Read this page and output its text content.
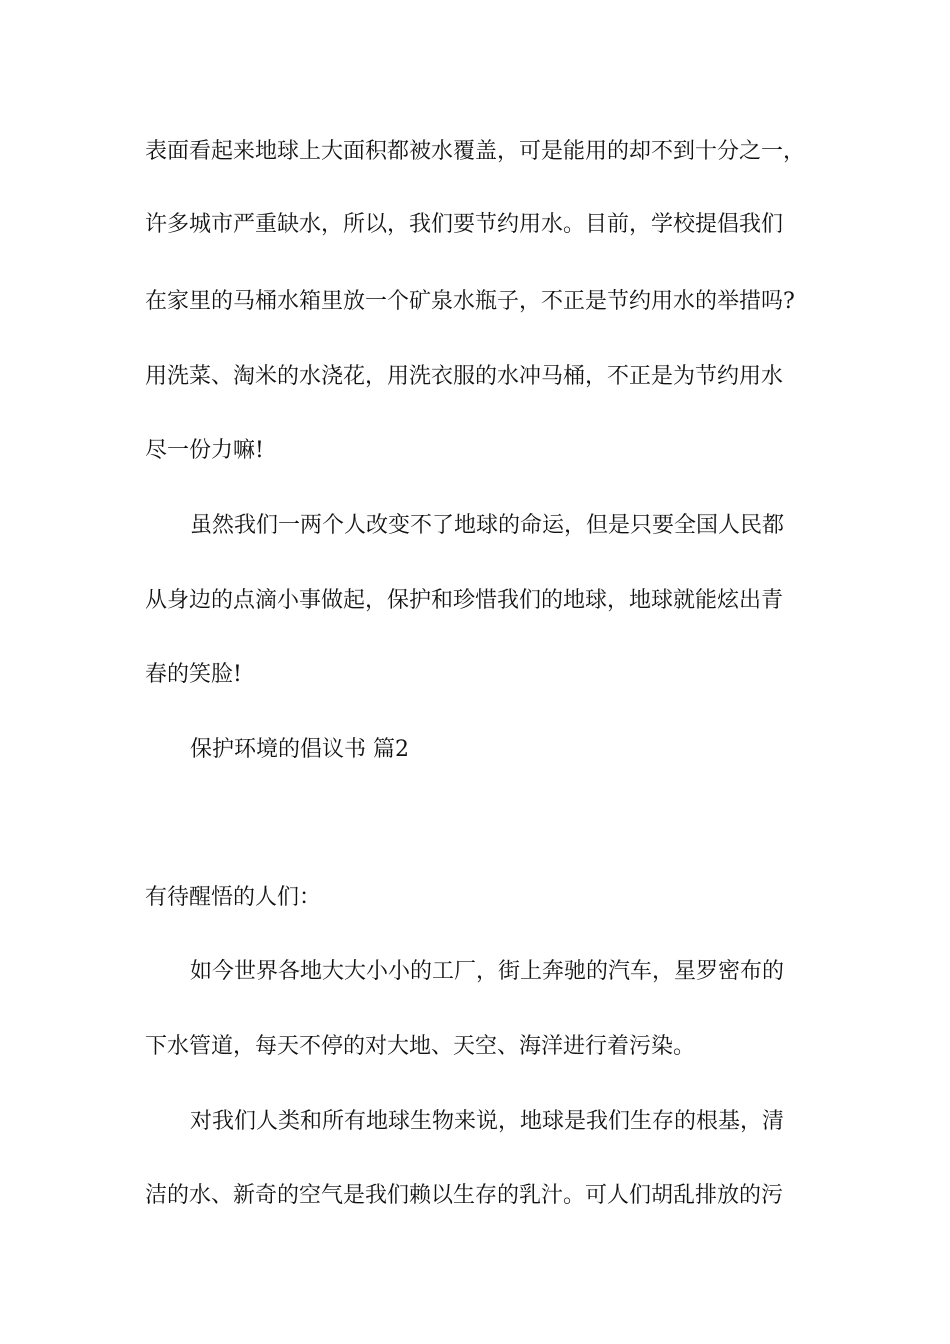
表面看起来地球上大面积都被水覆盖，可是能用的却不到十分之一，
许多城市严重缺水，所以，我们要节约用水。目前，学校提倡我们
在家里的马桶水箱里放一个矿泉水瓶子，不正是节约用水的举措吗?
用洗菜、淘米的水浇花，用洗衣服的水冲马桶，不正是为节约用水
尽一份力嘛!
虽然我们一两个人改变不了地球的命运，但是只要全国人民都
从身边的点滴小事做起，保护和珍惜我们的地球，地球就能炫出青
春的笑脸!
保护环境的倡议书 篇2
有待醒悟的人们：
如今世界各地大大小小的工厂，街上奔驰的汽车，星罗密布的
下水管道，每天不停的对大地、天空、海洋进行着污染。
对我们人类和所有地球生物来说，地球是我们生存的根基，清
洁的水、新奇的空气是我们赖以生存的乳汁。可人们胡乱排放的污
